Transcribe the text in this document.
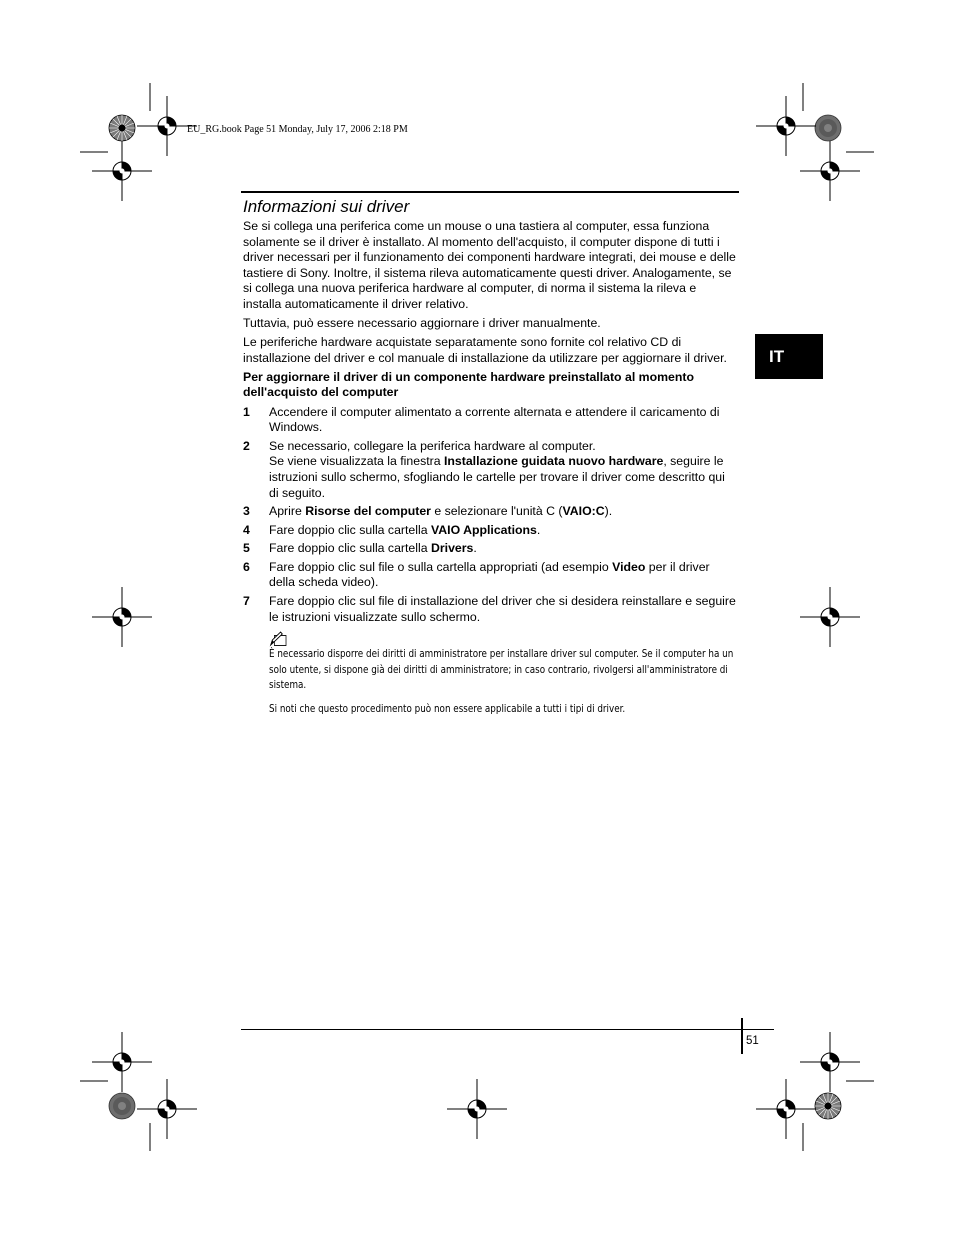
EU_RG.book Page 51 Monday, July 17, 2006 2:18 PM
Informazioni sui driver

Se si collega una periferica come un mouse o una tastiera al computer, essa funziona solamente se il driver è installato. Al momento dell'acquisto, il computer dispone di tutti i driver necessari per il funzionamento dei componenti hardware integrati, dei mouse e delle tastiere di Sony. Inoltre, il sistema rileva automaticamente questi driver. Analogamente, se si collega una nuova periferica hardware al computer, di norma il sistema la rileva e installa automaticamente il driver relativo.

Tuttavia, può essere necessario aggiornare i driver manualmente.

Le periferiche hardware acquistate separatamente sono fornite col relativo CD di installazione del driver e col manuale di installazione da utilizzare per aggiornare il driver.

Per aggiornare il driver di un componente hardware preinstallato al momento dell'acquisto del computer
1 Accendere il computer alimentato a corrente alternata e attendere il caricamento di Windows.
2 Se necessario, collegare la periferica hardware al computer.
Se viene visualizzata la finestra Installazione guidata nuovo hardware, seguire le istruzioni sullo schermo, sfogliando le cartelle per trovare il driver come descritto qui di seguito.
3 Aprire Risorse del computer e selezionare l'unità C (VAIO:C).
4 Fare doppio clic sulla cartella VAIO Applications.
5 Fare doppio clic sulla cartella Drivers.
6 Fare doppio clic sul file o sulla cartella appropriati (ad esempio Video per il driver della scheda video).
7 Fare doppio clic sul file di installazione del driver che si desidera reinstallare e seguire le istruzioni visualizzate sullo schermo.

È necessario disporre dei diritti di amministratore per installare driver sul computer. Se il computer ha un solo utente, si dispone già dei diritti di amministratore; in caso contrario, rivolgersi all'amministratore di sistema.

Si noti che questo procedimento può non essere applicabile a tutti i tipi di driver.

IT
51
